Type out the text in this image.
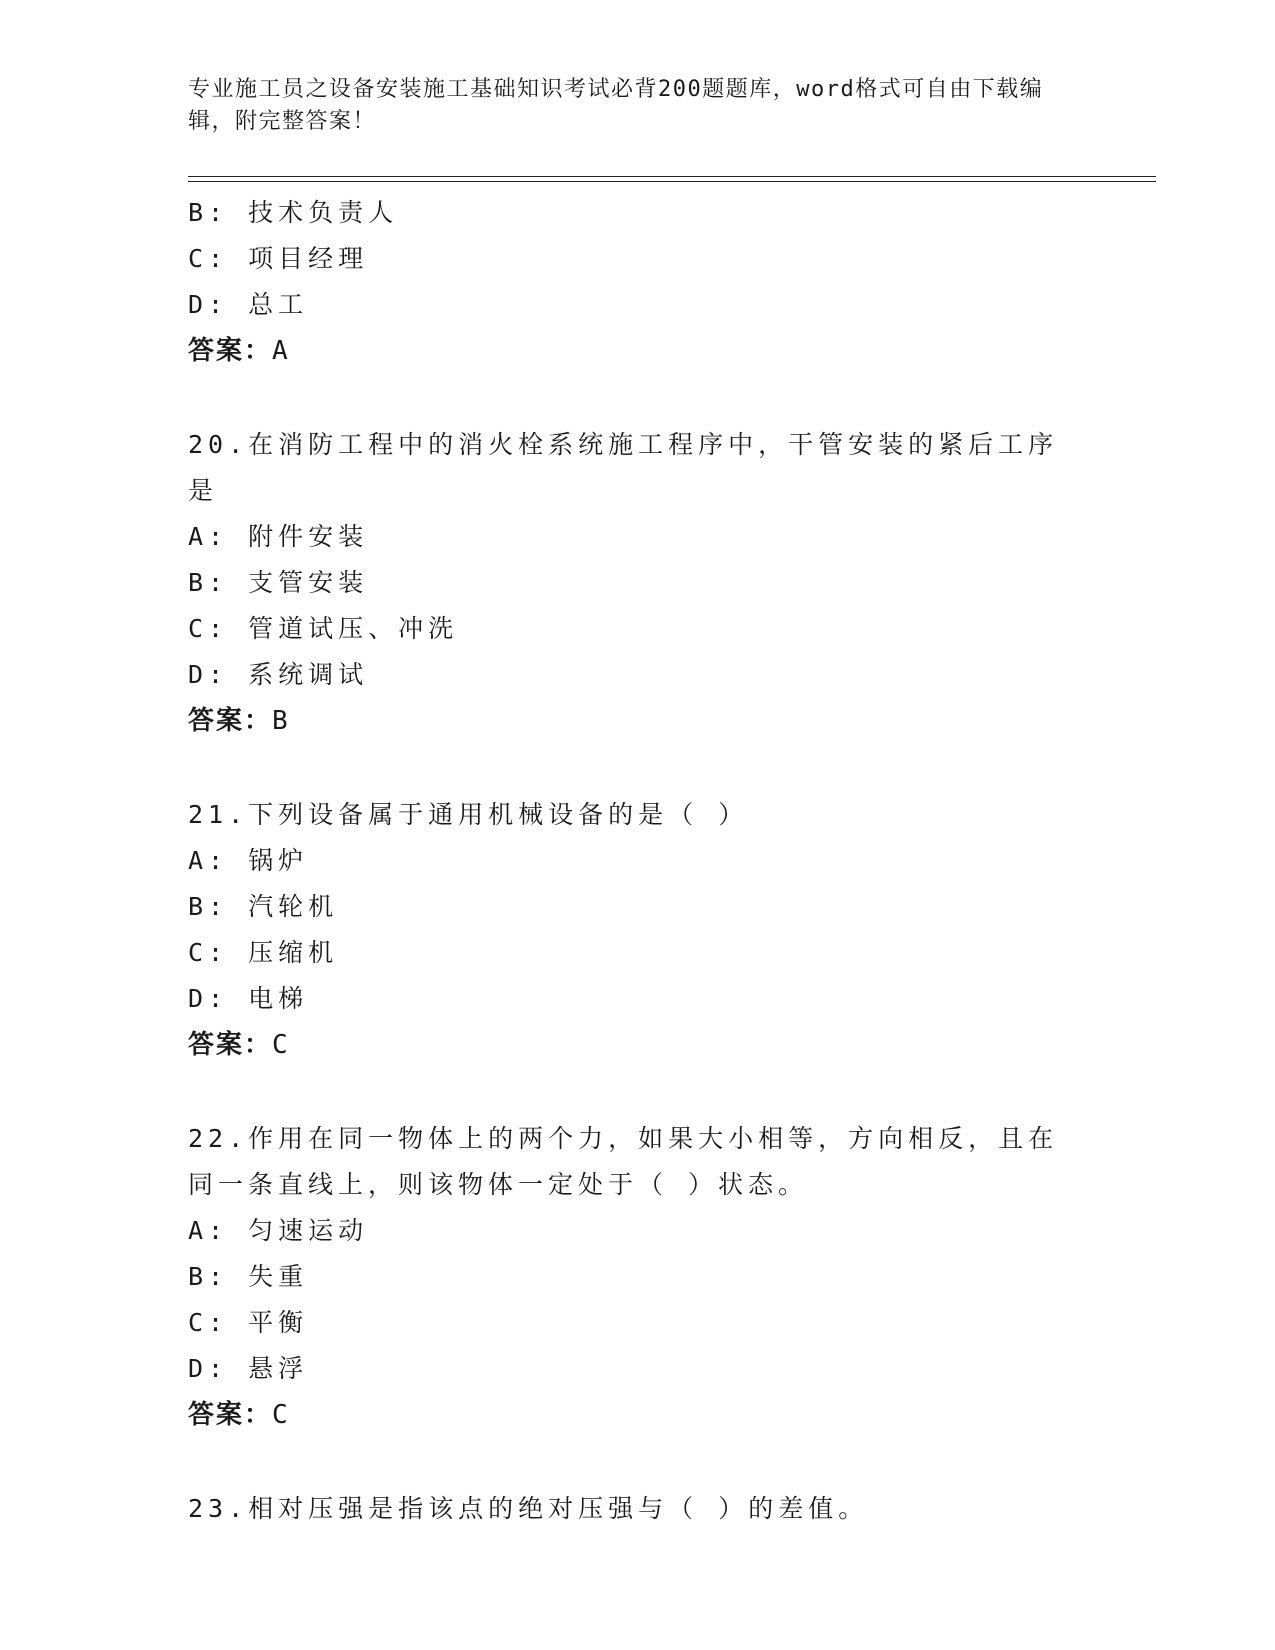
专业施工员之设备安装施工基础知识考试必背200题题库，word格式可自由下载编辑，附完整答案！
B: 技术负责人
C: 项目经理
D: 总工
答案：A
20.在消防工程中的消火栓系统施工程序中，干管安装的紧后工序是
A: 附件安装
B: 支管安装
C: 管道试压、冲洗
D: 系统调试
答案：B
21.下列设备属于通用机械设备的是（ ）
A: 锅炉
B: 汽轮机
C: 压缩机
D: 电梯
答案：C
22.作用在同一物体上的两个力，如果大小相等，方向相反，且在同一条直线上，则该物体一定处于（ ）状态。
A: 匀速运动
B: 失重
C: 平衡
D: 悬浮
答案：C
23.相对压强是指该点的绝对压强与（ ）的差值。
